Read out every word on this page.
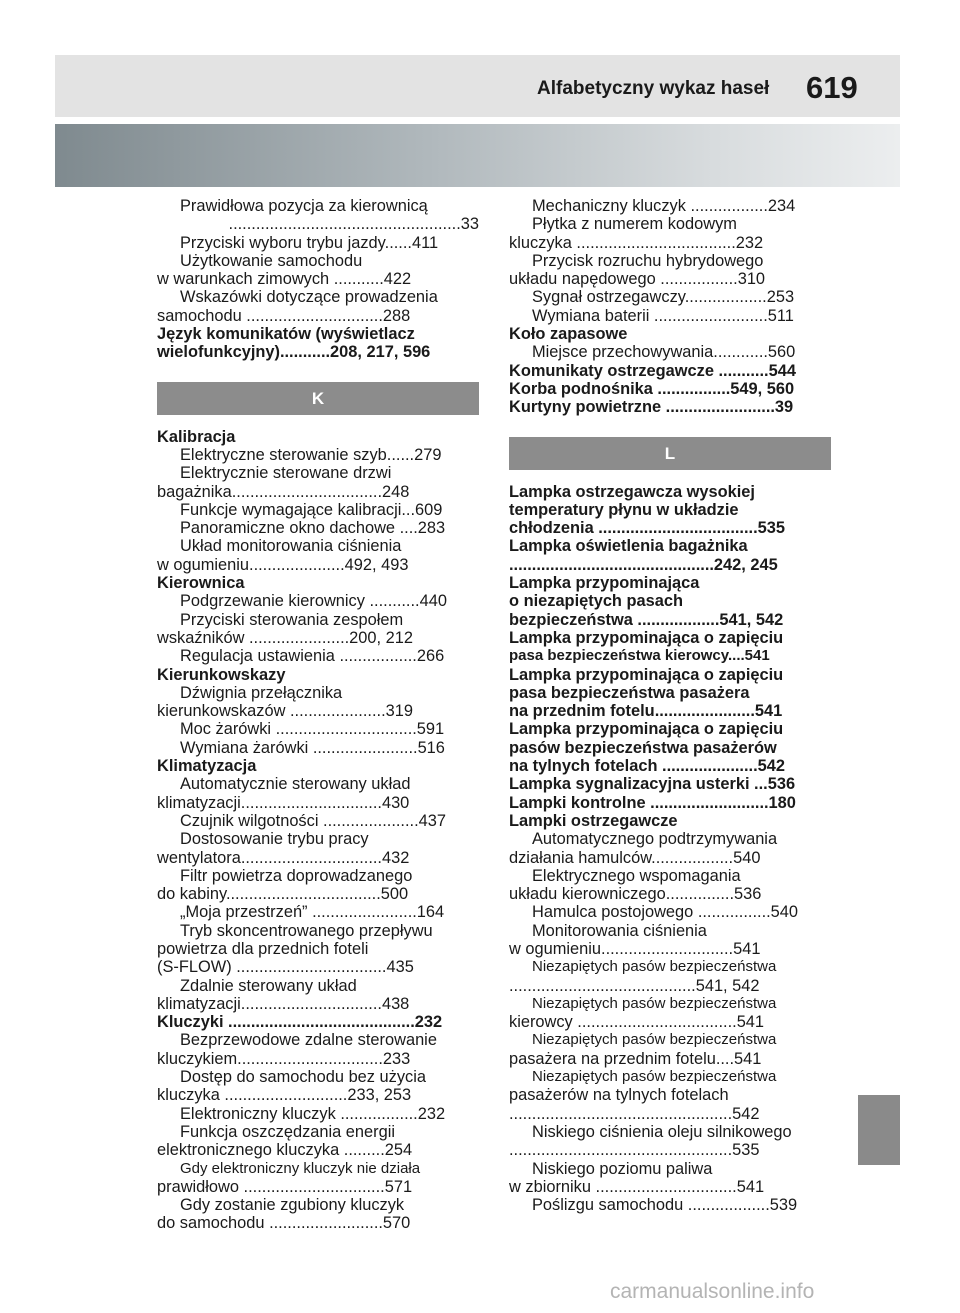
Alfabetyczny wykaz haseł 619
Prawidłowa pozycja za kierownicą
...................................................33
Przyciski wyboru trybu jazdy......411
Użytkowanie samochodu
w warunkach zimowych ...........422
Wskazówki dotyczące prowadzenia
samochodu ..............................288
Język komunikatów (wyświetlacz
wielofunkcyjny)...........208, 217, 596
K
Kalibracja
Elektryczne sterowanie szyb......279
Elektrycznie sterowane drzwi
bagażnika.................................248
Funkcje wymagające kalibracji...609
Panoramiczne okno dachowe ....283
Układ monitorowania ciśnienia
w ogumieniu.....................492, 493
Kierownica
Podgrzewanie kierownicy ...........440
Przyciski sterowania zespołem
wskaźników ......................200, 212
Regulacja ustawienia .................266
Kierunkowskazy
Dźwignia przełącznika
kierunkowskazów .....................319
Moc żarówki ...............................591
Wymiana żarówki .......................516
Klimatyzacja
Automatycznie sterowany układ
klimatyzacji...............................430
Czujnik wilgotności .....................437
Dostosowanie trybu pracy
wentylatora...............................432
Filtr powietrza doprowadzanego
do kabiny..................................500
„Moja przestrzeń” .......................164
Tryb skoncentrowanego przepływu
powietrza dla przednich foteli
(S-FLOW) .................................435
Zdalnie sterowany układ
klimatyzacji...............................438
Kluczyki .........................................232
Bezprzewodowe zdalne sterowanie
kluczykiem................................233
Dostęp do samochodu bez użycia
kluczyka ...........................233, 253
Elektroniczny kluczyk .................232
Funkcja oszczędzania energii
elektronicznego kluczyka .........254
Gdy elektroniczny kluczyk nie działa
prawidłowo ...............................571
Gdy zostanie zgubiony kluczyk
do samochodu .........................570
Mechaniczny kluczyk .................234
Płytka z numerem kodowym
kluczyka ...................................232
Przycisk rozruchu hybrydowego
układu napędowego .................310
Sygnał ostrzegawczy..................253
Wymiana baterii .........................511
Koło zapasowe
Miejsce przechowywania............560
Komunikaty ostrzegawcze ...........544
Korba podnośnika ................549, 560
Kurtyny powietrzne ........................39
L
Lampka ostrzegawcza wysokiej
temperatury płynu w układzie
chłodzenia ...................................535
Lampka oświetlenia bagażnika
.............................................242, 245
Lampka przypominająca
o niezapiętych pasach
bezpieczeństwa ..................541, 542
Lampka przypominająca o zapięciu
pasa bezpieczeństwa kierowcy....541
Lampka przypominająca o zapięciu
pasa bezpieczeństwa pasażera
na przednim fotelu......................541
Lampka przypominająca o zapięciu
pasów bezpieczeństwa pasażerów
na tylnych fotelach .....................542
Lampka sygnalizacyjna usterki ...536
Lampki kontrolne ..........................180
Lampki ostrzegawcze
Automatycznego podtrzymywania
działania hamulców..................540
Elektrycznego wspomagania
układu kierowniczego...............536
Hamulca postojowego ................540
Monitorowania ciśnienia
w ogumieniu.............................541
Niezapiętych pasów bezpieczeństwa
.........................................541, 542
Niezapiętych pasów bezpieczeństwa
kierowcy ...................................541
Niezapiętych pasów bezpieczeństwa
pasażera na przednim fotelu....541
Niezapiętych pasów bezpieczeństwa
pasażerów na tylnych fotelach
.................................................542
Niskiego ciśnienia oleju silnikowego
.................................................535
Niskiego poziomu paliwa
w zbiorniku ...............................541
Poślizgu samochodu ..................539
carmanualsonline.info
